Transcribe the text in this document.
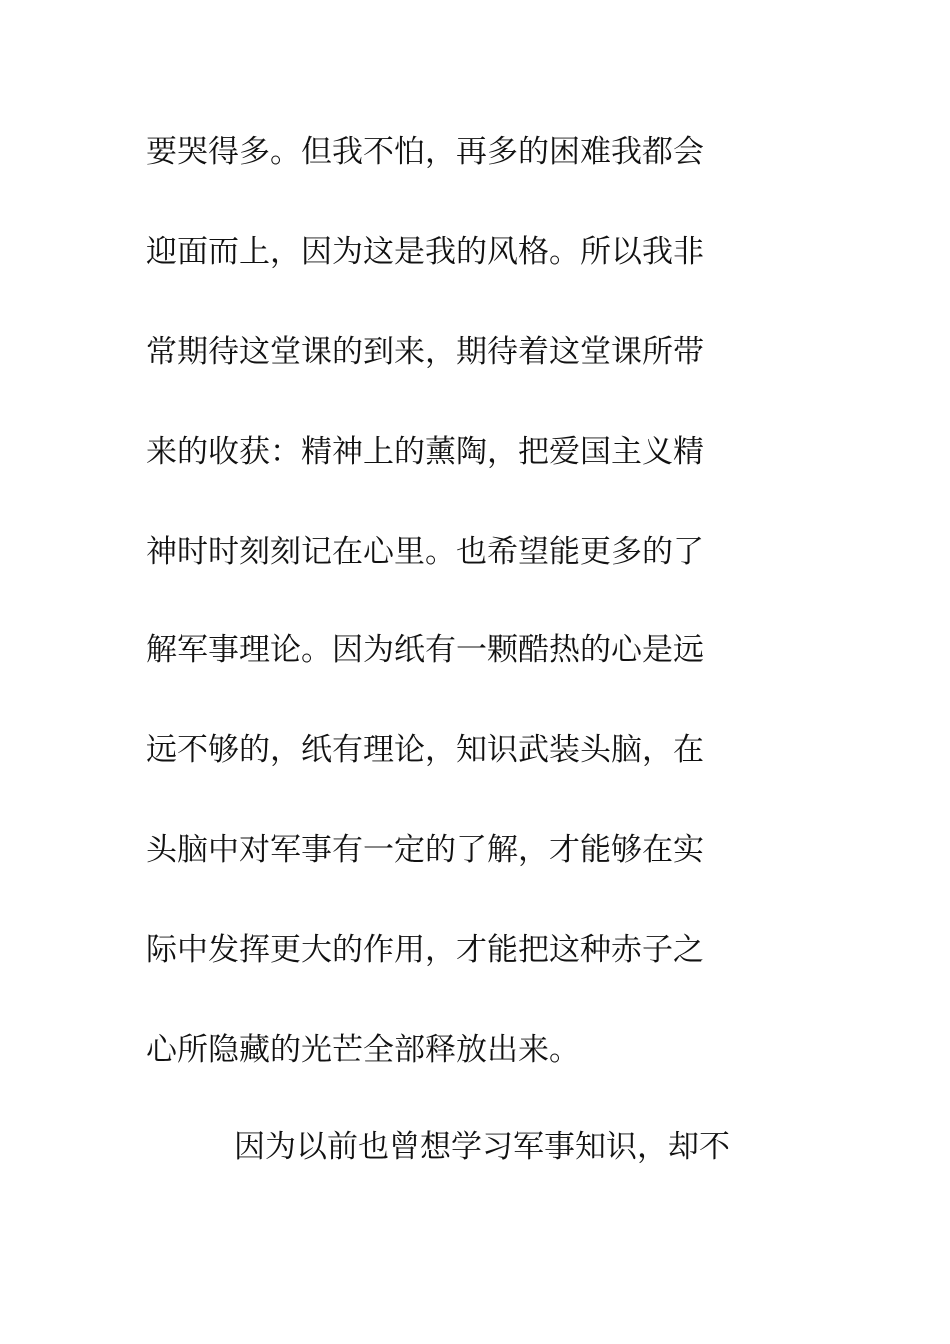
要哭得多。但我不怕，再多的困难我都会
迎面而上，因为这是我的风格。所以我非
常期待这堂课的到来，期待着这堂课所带
来的收获：精神上的薰陶，把爱国主义精
神时时刻刻记在心里。也希望能更多的了
解军事理论。因为纸有一颗酷热的心是远
远不够的，纸有理论，知识武装头脑，在
头脑中对军事有一定的了解，才能够在实
际中发挥更大的作用，才能把这种赤子之
心所隐藏的光芒全部释放出来。
因为以前也曾想学习军事知识，却不
